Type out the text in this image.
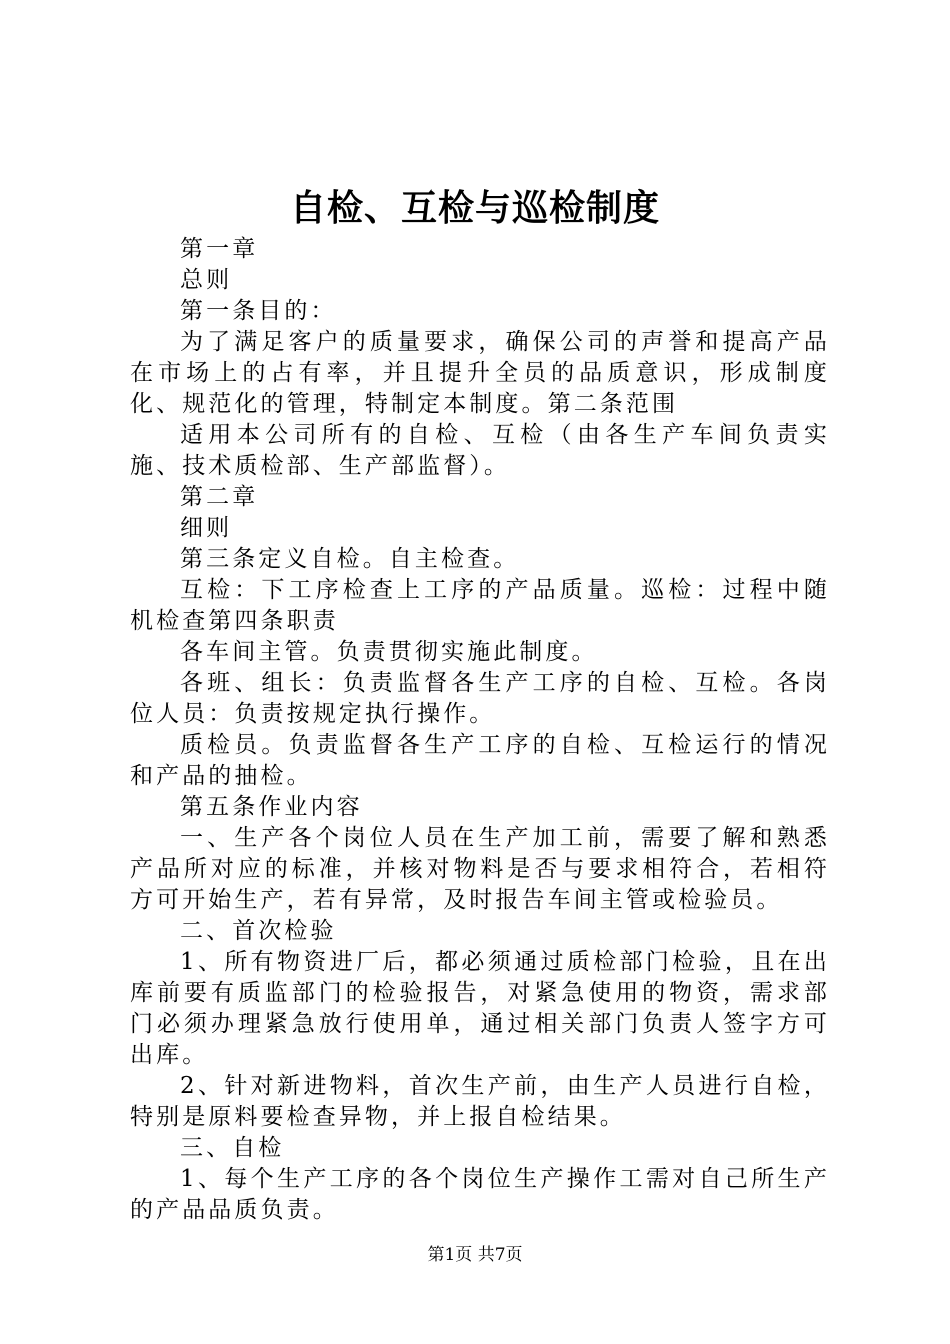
自检、互检与巡检制度

第一章

总则

第一条目的：

为了满足客户的质量要求，确保公司的声誉和提高产品在市场上的占有率，并且提升全员的品质意识，形成制度化、规范化的管理，特制定本制度。第二条范围

适用本公司所有的自检、互检（由各生产车间负责实施、技术质检部、生产部监督）。

第二章

细则

第三条定义自检。自主检查。

互检：下工序检查上工序的产品质量。巡检：过程中随机检查第四条职责

各车间主管。负责贯彻实施此制度。

各班、组长：负责监督各生产工序的自检、互检。各岗位人员：负责按规定执行操作。

质检员。负责监督各生产工序的自检、互检运行的情况和产品的抽检。

第五条作业内容

一、生产各个岗位人员在生产加工前，需要了解和熟悉产品所对应的标准，并核对物料是否与要求相符合，若相符方可开始生产，若有异常，及时报告车间主管或检验员。

二、首次检验

1、所有物资进厂后，都必须通过质检部门检验，且在出库前要有质监部门的检验报告，对紧急使用的物资，需求部门必须办理紧急放行使用单，通过相关部门负责人签字方可出库。

2、针对新进物料，首次生产前，由生产人员进行自检，特别是原料要检查异物，并上报自检结果。

三、自检

1、每个生产工序的各个岗位生产操作工需对自己所生产的产品品质负责。

第1页 共7页
